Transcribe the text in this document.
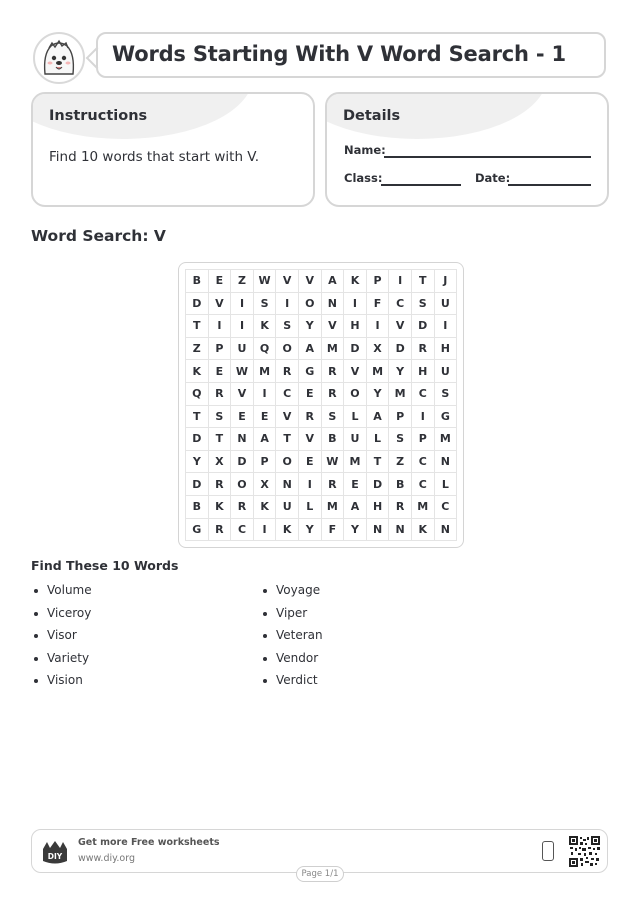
Words Starting With V Word Search - 1
Instructions
Find 10 words that start with V.
Details
Name:
Class:	Date:
Word Search: V
B	E	Z	W	V	V	A	K	P	I	T	J
D	V	I	S	I	O	N	I	F	C	S	U
T	I	I	K	S	Y	V	H	I	V	D	I
Z	P	U	Q	O	A	M	D	X	D	R	H
K	E	W	M	R	G	R	V	M	Y	H	U
Q	R	V	I	C	E	R	O	Y	M	C	S
T	S	E	E	V	R	S	L	A	P	I	G
D	T	N	A	T	V	B	U	L	S	P	M
Y	X	D	P	O	E	W	M	T	Z	C	N
D	R	O	X	N	I	R	E	D	B	C	L
B	K	R	K	U	L	M	A	H	R	M	C
G	R	C	I	K	Y	F	Y	N	N	K	N
Find These 10 Words
Volume
Viceroy
Visor
Variety
Vision
Voyage
Viper
Veteran
Vendor
Verdict
DIY
Get more Free worksheets
www.diy.org
Page 1/1
